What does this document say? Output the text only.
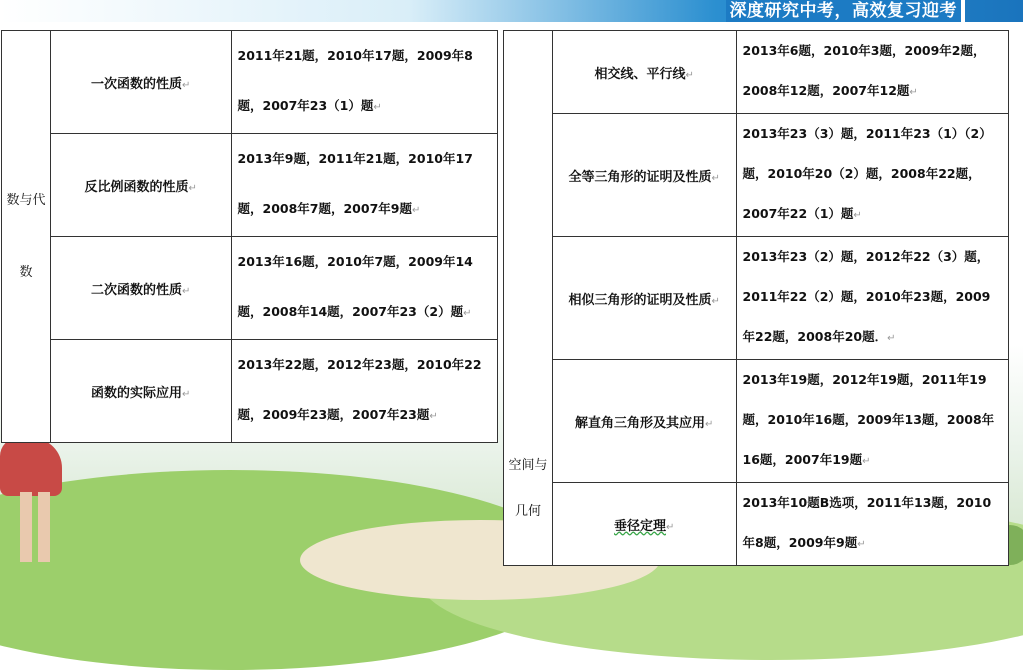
深度研究中考，高效复习迎考
数与代数	一次函数的性质↵	2011年21题，2010年17题，2009年8题，2007年23（1）题↵
	反比例函数的性质↵	2013年9题，2011年21题，2010年17题，2008年7题，2007年9题↵
	二次函数的性质↵	2013年16题，2010年7题，2009年14题，2008年14题，2007年23（2）题↵
	函数的实际应用↵	2013年22题，2012年23题，2010年22题，2009年23题，2007年23题↵
空间与几何	相交线、平行线↵	2013年6题，2010年3题，2009年2题，2008年12题，2007年12题↵
	全等三角形的证明及性质↵	2013年23（3）题，2011年23（1）（2）题，2010年20（2）题，2008年22题，2007年22（1）题↵
	相似三角形的证明及性质↵	2013年23（2）题，2012年22（3）题，2011年22（2）题，2010年23题，2009年22题，2008年20题．↵
	解直角三角形及其应用↵	2013年19题，2012年19题，2011年19题，2010年16题，2009年13题，2008年16题，2007年19题↵
	垂径定理↵	2013年10题B选项，2011年13题，2010年8题，2009年9题↵
